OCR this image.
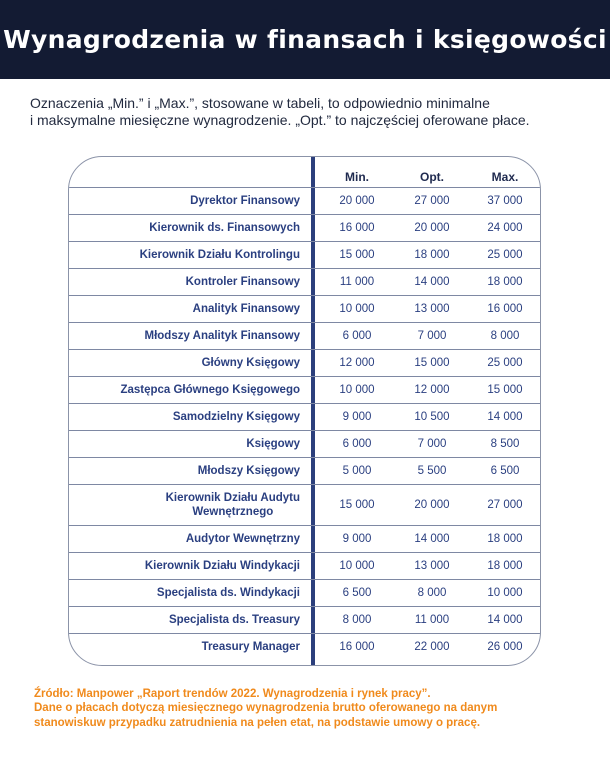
Wynagrodzenia w finansach i księgowości
Oznaczenia „Min.” i „Max.”, stosowane w tabeli, to odpowiednio minimalne
i maksymalne miesięczne wynagrodzenie. „Opt.” to najczęściej oferowane płace.
Min.	Opt.	Max.
Dyrektor Finansowy	20 000	27 000	37 000
Kierownik ds. Finansowych	16 000	20 000	24 000
Kierownik Działu Kontrolingu	15 000	18 000	25 000
Kontroler Finansowy	11 000	14 000	18 000
Analityk Finansowy	10 000	13 000	16 000
Młodszy Analityk Finansowy	6 000	7 000	8 000
Główny Księgowy	12 000	15 000	25 000
Zastępca Głównego Księgowego	10 000	12 000	15 000
Samodzielny Księgowy	9 000	10 500	14 000
Księgowy	6 000	7 000	8 500
Młodszy Księgowy	5 000	5 500	6 500
Kierownik Działu Audytu
Wewnętrznego
15 000	20 000	27 000
Audytor Wewnętrzny	9 000	14 000	18 000
Kierownik Działu Windykacji	10 000	13 000	18 000
Specjalista ds. Windykacji	6 500	8 000	10 000
Specjalista ds. Treasury	8 000	11 000	14 000
Treasury Manager	16 000	22 000	26 000
Źródło: Manpower „Raport trendów 2022. Wynagrodzenia i rynek pracy”.
Dane o płacach dotyczą miesięcznego wynagrodzenia brutto oferowanego na danym
stanowiskuw przypadku zatrudnienia na pełen etat, na podstawie umowy o pracę.
